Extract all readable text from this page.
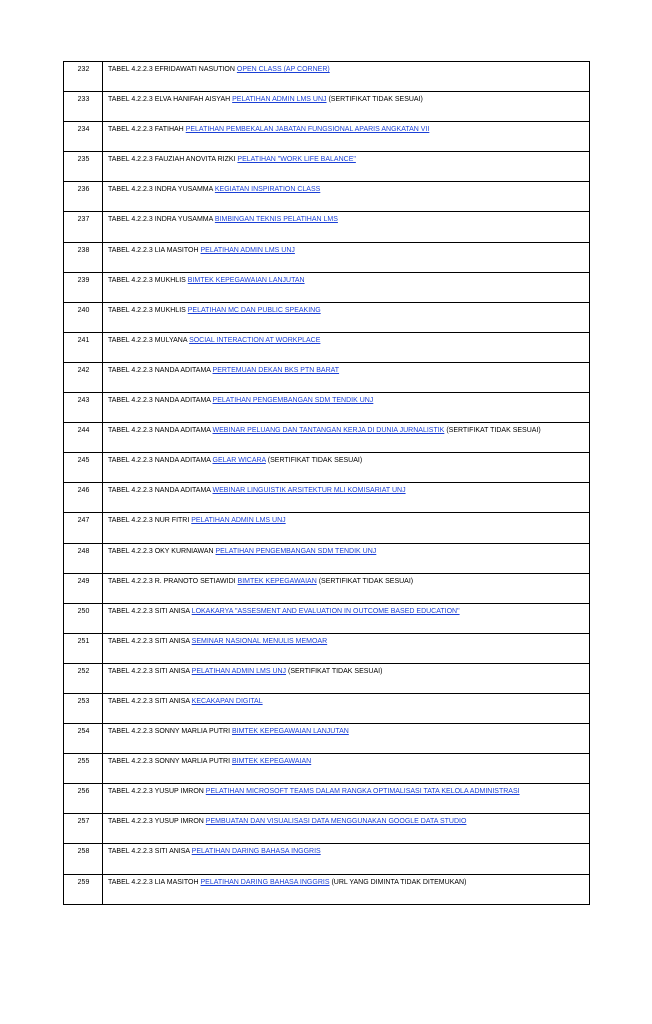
232	TABEL 4.2.2.3 EFRIDAWATI NASUTION OPEN CLASS (AP CORNER)
233	TABEL 4.2.2.3 ELVA HANIFAH AISYAH PELATIHAN ADMIN LMS UNJ (SERTIFIKAT TIDAK SESUAI)
234	TABEL 4.2.2.3 FATIHAH PELATIHAN PEMBEKALAN JABATAN FUNGSIONAL APARIS ANGKATAN VII
235	TABEL 4.2.2.3 FAUZIAH ANOVITA RIZKI PELATIHAN "WORK LIFE BALANCE"
236	TABEL 4.2.2.3 INDRA YUSAMMA KEGIATAN INSPIRATION CLASS
237	TABEL 4.2.2.3 INDRA YUSAMMA BIMBINGAN TEKNIS PELATIHAN LMS
238	TABEL 4.2.2.3 LIA MASITOH PELATIHAN ADMIN LMS UNJ
239	TABEL 4.2.2.3 MUKHLIS BIMTEK KEPEGAWAIAN LANJUTAN
240	TABEL 4.2.2.3 MUKHLIS PELATIHAN MC DAN PUBLIC SPEAKING
241	TABEL 4.2.2.3 MULYANA SOCIAL INTERACTION AT WORKPLACE
242	TABEL 4.2.2.3 NANDA ADITAMA PERTEMUAN DEKAN BKS PTN BARAT
243	TABEL 4.2.2.3 NANDA ADITAMA PELATIHAN PENGEMBANGAN SDM TENDIK UNJ
244	TABEL 4.2.2.3 NANDA ADITAMA WEBINAR PELUANG DAN TANTANGAN KERJA DI DUNIA JURNALISTIK (SERTIFIKAT TIDAK SESUAI)
245	TABEL 4.2.2.3 NANDA ADITAMA GELAR WICARA (SERTIFIKAT TIDAK SESUAI)
246	TABEL 4.2.2.3 NANDA ADITAMA WEBINAR LINGUISTIK ARSITEKTUR MLI KOMISARIAT UNJ
247	TABEL 4.2.2.3 NUR FITRI PELATIHAN ADMIN LMS UNJ
248	TABEL 4.2.2.3 OKY KURNIAWAN PELATIHAN PENGEMBANGAN SDM TENDIK UNJ
249	TABEL 4.2.2.3 R. PRANOTO SETIAWIDI BIMTEK KEPEGAWAIAN (SERTIFIKAT TIDAK SESUAI)
250	TABEL 4.2.2.3 SITI ANISA LOKAKARYA "ASSESMENT AND EVALUATION IN OUTCOME BASED EDUCATION"
251	TABEL 4.2.2.3 SITI ANISA SEMINAR NASIONAL MENULIS MEMOAR
252	TABEL 4.2.2.3 SITI ANISA PELATIHAN ADMIN LMS UNJ (SERTIFIKAT TIDAK SESUAI)
253	TABEL 4.2.2.3 SITI ANISA KECAKAPAN DIGITAL
254	TABEL 4.2.2.3 SONNY MARLIA PUTRI BIMTEK KEPEGAWAIAN LANJUTAN
255	TABEL 4.2.2.3 SONNY MARLIA PUTRI BIMTEK KEPEGAWAIAN
256	TABEL 4.2.2.3 YUSUP IMRON PELATIHAN MICROSOFT TEAMS DALAM RANGKA OPTIMALISASI TATA KELOLA ADMINISTRASI
257	TABEL 4.2.2.3 YUSUP IMRON PEMBUATAN DAN VISUALISASI DATA MENGGUNAKAN GOOGLE DATA STUDIO
258	TABEL 4.2.2.3 SITI ANISA PELATIHAN DARING BAHASA INGGRIS
259	TABEL 4.2.2.3 LIA MASITOH PELATIHAN DARING BAHASA INGGRIS (URL YANG DIMINTA TIDAK DITEMUKAN)
